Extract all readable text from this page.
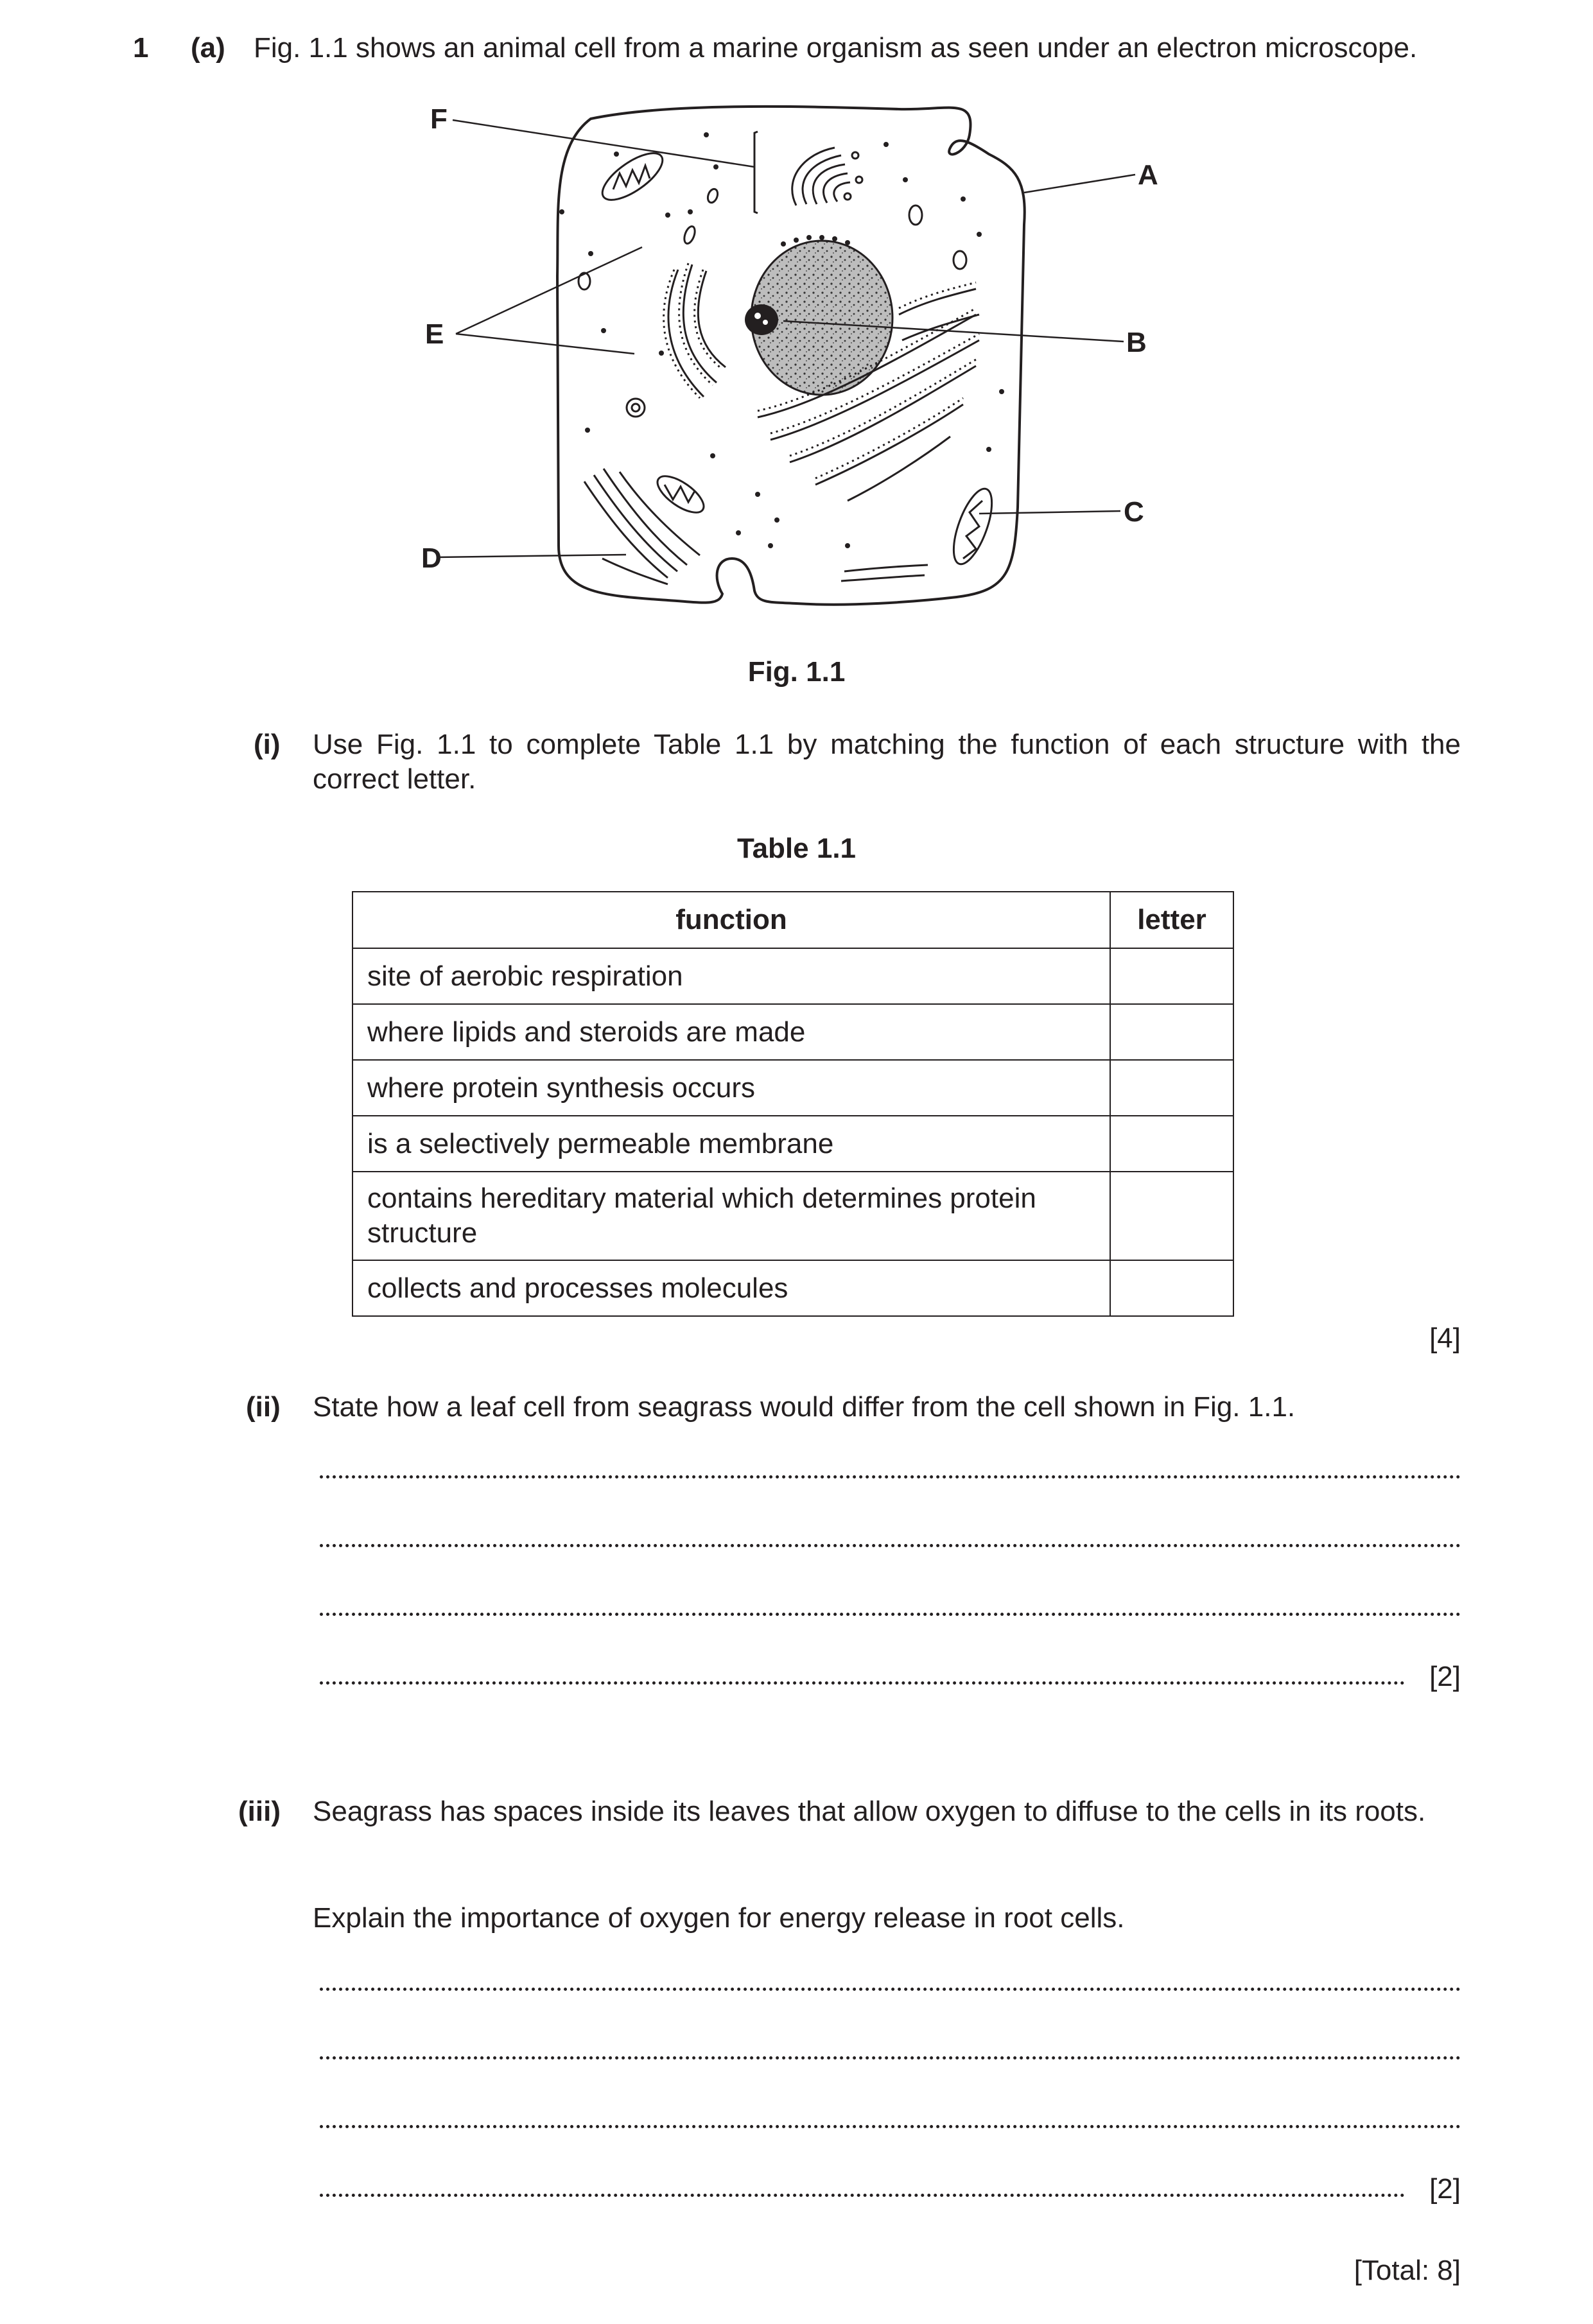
1 (a) Fig. 1.1 shows an animal cell from a marine organism as seen under an electron microscope.
A
B
C
D
E
F
Fig. 1.1
(i) Use Fig. 1.1 to complete Table 1.1 by matching the function of each structure with the correct letter.
Table 1.1
function	letter
site of aerobic respiration	
where lipids and steroids are made	
where protein synthesis occurs	
is a selectively permeable membrane	
contains hereditary material which determines protein structure	
collects and processes molecules	
[4]
(ii) State how a leaf cell from seagrass would differ from the cell shown in Fig. 1.1.
[2]
(iii) Seagrass has spaces inside its leaves that allow oxygen to diffuse to the cells in its roots.
Explain the importance of oxygen for energy release in root cells.
[2]
[Total: 8]
